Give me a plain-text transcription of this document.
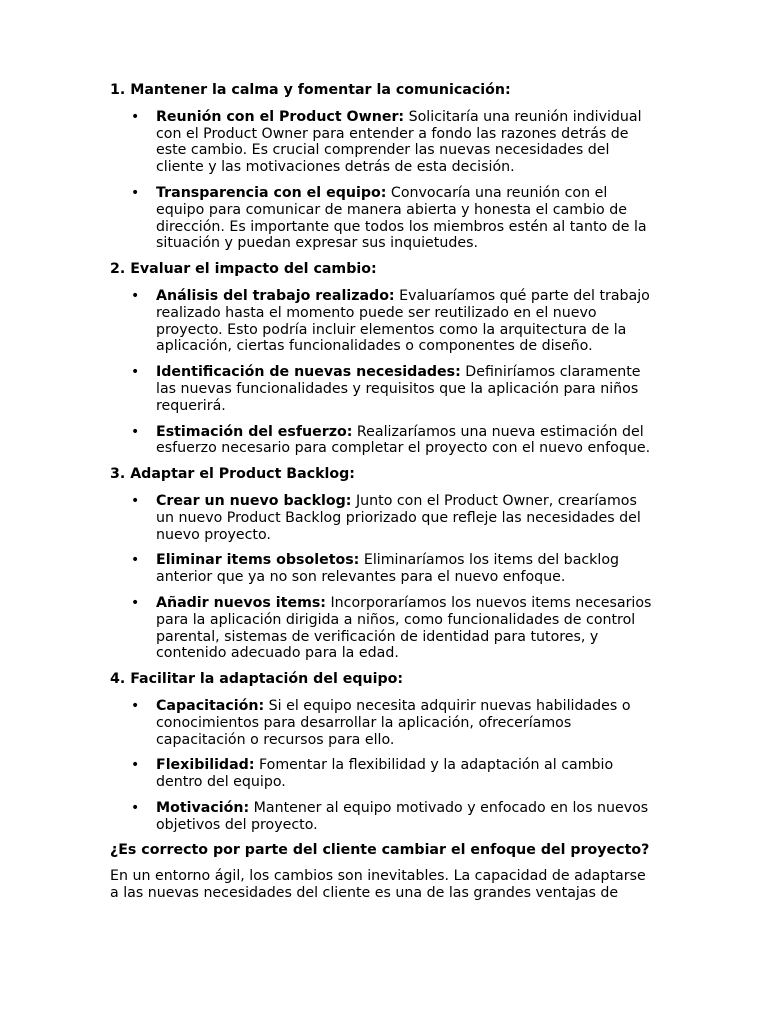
1. Mantener la calma y fomentar la comunicación:
• Reunión con el Product Owner: Solicitaría una reunión individual con el Product Owner para entender a fondo las razones detrás de este cambio. Es crucial comprender las nuevas necesidades del cliente y las motivaciones detrás de esta decisión.
• Transparencia con el equipo: Convocaría una reunión con el equipo para comunicar de manera abierta y honesta el cambio de dirección. Es importante que todos los miembros estén al tanto de la situación y puedan expresar sus inquietudes.
2. Evaluar el impacto del cambio:
• Análisis del trabajo realizado: Evaluaríamos qué parte del trabajo realizado hasta el momento puede ser reutilizado en el nuevo proyecto. Esto podría incluir elementos como la arquitectura de la aplicación, ciertas funcionalidades o componentes de diseño.
• Identificación de nuevas necesidades: Definiríamos claramente las nuevas funcionalidades y requisitos que la aplicación para niños requerirá.
• Estimación del esfuerzo: Realizaríamos una nueva estimación del esfuerzo necesario para completar el proyecto con el nuevo enfoque.
3. Adaptar el Product Backlog:
• Crear un nuevo backlog: Junto con el Product Owner, crearíamos un nuevo Product Backlog priorizado que refleje las necesidades del nuevo proyecto.
• Eliminar items obsoletos: Eliminaríamos los items del backlog anterior que ya no son relevantes para el nuevo enfoque.
• Añadir nuevos items: Incorporaríamos los nuevos items necesarios para la aplicación dirigida a niños, como funcionalidades de control parental, sistemas de verificación de identidad para tutores, y contenido adecuado para la edad.
4. Facilitar la adaptación del equipo:
• Capacitación: Si el equipo necesita adquirir nuevas habilidades o conocimientos para desarrollar la aplicación, ofreceríamos capacitación o recursos para ello.
• Flexibilidad: Fomentar la flexibilidad y la adaptación al cambio dentro del equipo.
• Motivación: Mantener al equipo motivado y enfocado en los nuevos objetivos del proyecto.
¿Es correcto por parte del cliente cambiar el enfoque del proyecto?

En un entorno ágil, los cambios son inevitables. La capacidad de adaptarse a las nuevas necesidades del cliente es una de las grandes ventajas de
